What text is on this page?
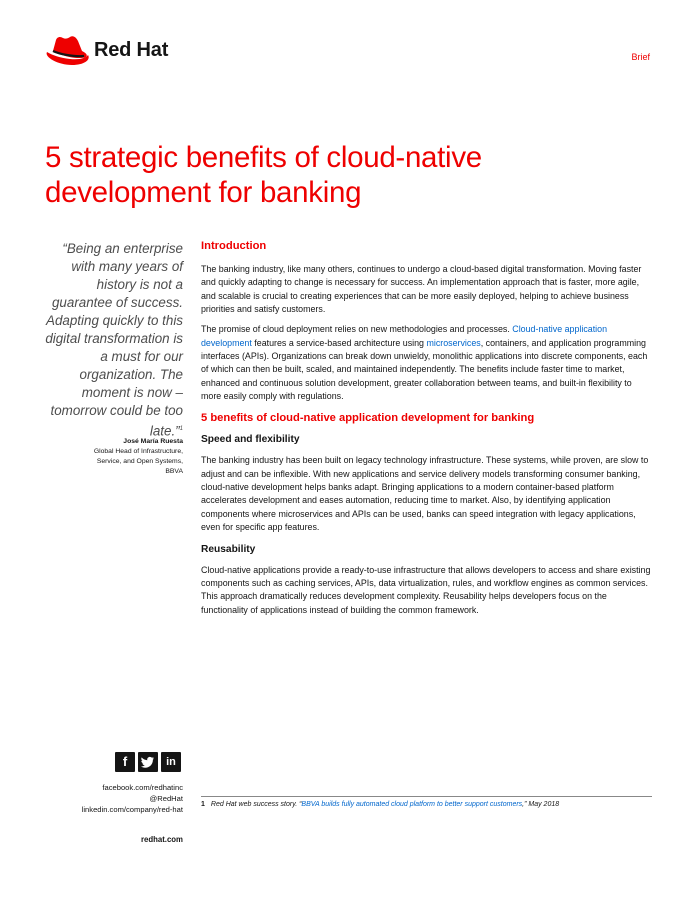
Red Hat	Brief
5 strategic benefits of cloud-native development for banking
“Being an enterprise with many years of history is not a guarantee of success. Adapting quickly to this digital transformation is a must for our organization. The moment is now – tomorrow could be too late.”$^1$
José María Ruesta
Global Head of Infrastructure,
Service, and Open Systems,
BBVA
Introduction

The banking industry, like many others, continues to undergo a cloud-based digital transformation. Moving faster and quickly adapting to change is necessary for success. An implementation approach that is faster, more agile, and scalable is crucial to creating experiences that can be more easily deployed, helping to achieve business priorities and satisfy customers.

The promise of cloud deployment relies on new methodologies and processes. Cloud-native application development features a service-based architecture using microservices, containers, and application programming interfaces (APIs). Organizations can break down unwieldy, monolithic applications into discrete components, each of which can then be built, scaled, and maintained independently. The benefits include faster time to market, enhanced and continuous solution development, greater collaboration between teams, and built-in flexibility to more easily comply with regulations.

5 benefits of cloud-native application development for banking
Speed and flexibility

The banking industry has been built on legacy technology infrastructure. These systems, while proven, are slow to adjust and can be inflexible. With new applications and service delivery models transforming consumer banking, cloud-native development helps banks adapt. Bringing applications to a modern container-based platform accelerates development and eases automation, reducing time to market. Also, by identifying application components where microservices and APIs can be used, banks can speed integration with legacy applications, even for specific app features.

Reusability

Cloud-native applications provide a ready-to-use infrastructure that allows developers to access and share existing components such as caching services, APIs, data virtualization, rules, and workflow engines as common services. This approach dramatically reduces development complexity. Reusability helps developers focus on the functionality of applications instead of building the common framework.

f	in
facebook.com/redhatinc
@RedHat
linkedin.com/company/red-hat
redhat.com
1 Red Hat web success story. “BBVA builds fully automated cloud platform to better support customers,” May 2018
